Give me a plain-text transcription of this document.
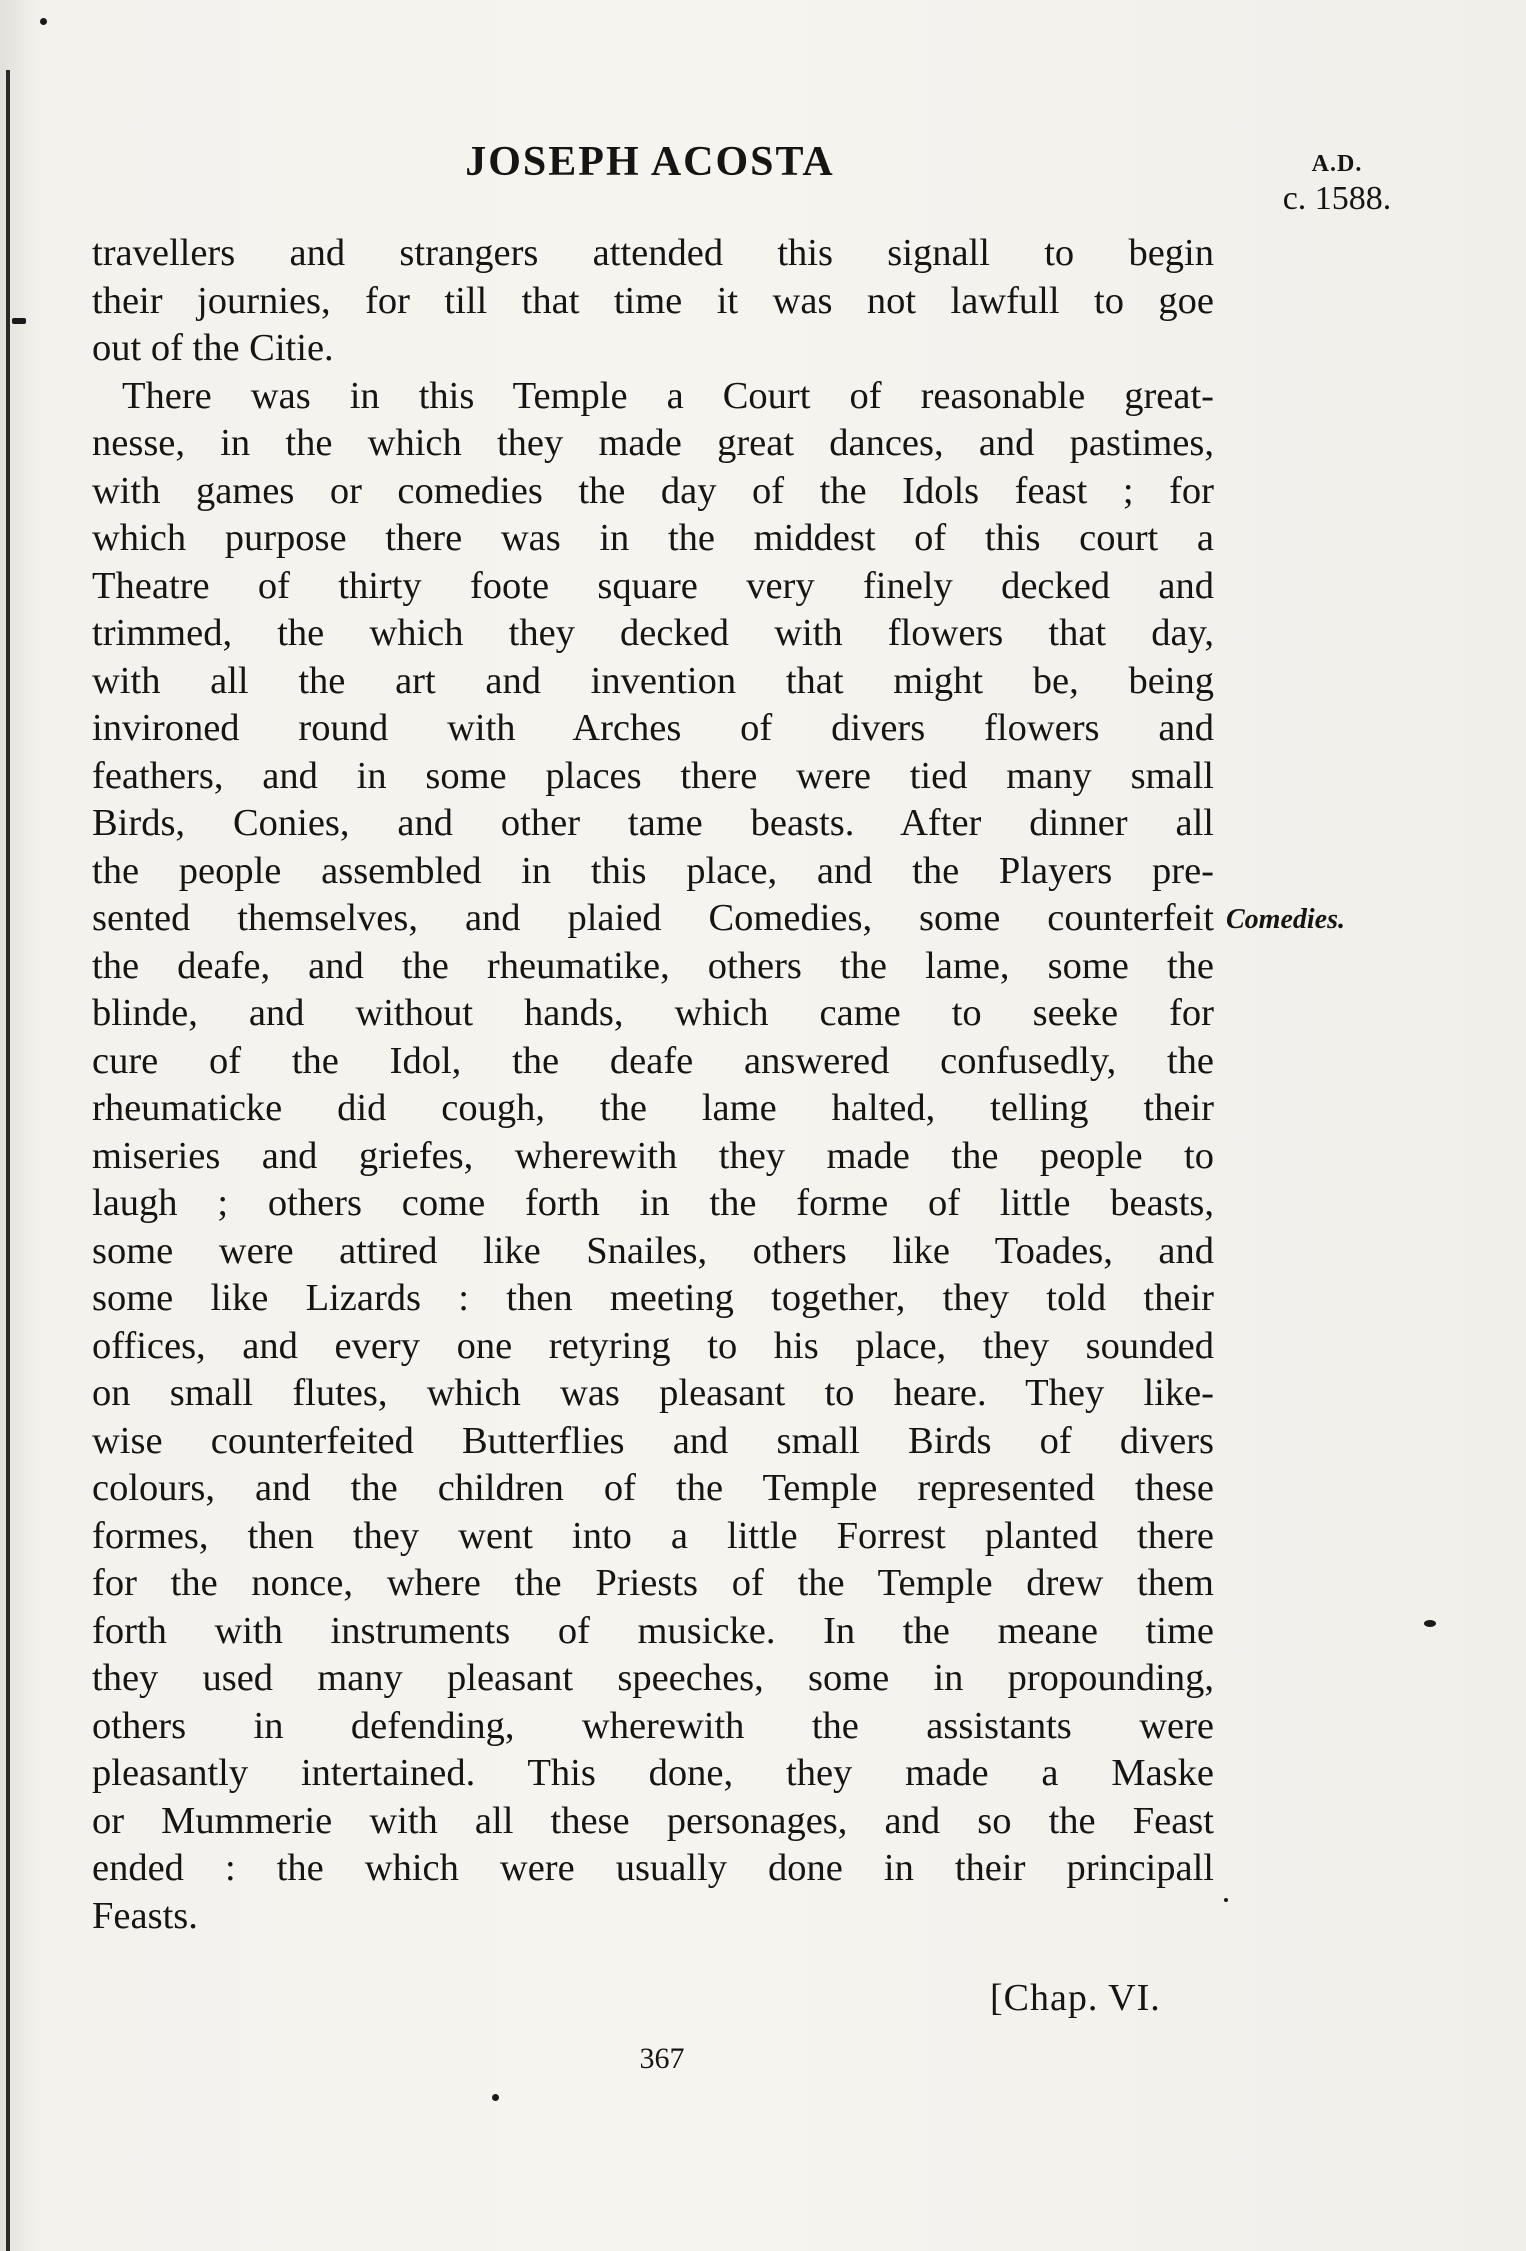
JOSEPH ACOSTA	A.D.
c. 1588.

travellers and strangers attended this signall to begin
their journies, for till that time it was not lawfull to goe
out of the Citie.

There was in this Temple a Court of reasonable great-
nesse, in the which they made great dances, and pastimes,
with games or comedies the day of the Idols feast ; for
which purpose there was in the middest of this court a
Theatre of thirty foote square very finely decked and
trimmed, the which they decked with flowers that day,
with all the art and invention that might be, being
invironed round with Arches of divers flowers and
feathers, and in some places there were tied many small
Birds, Conies, and other tame beasts. After dinner all
the people assembled in this place, and the Players pre-
sented themselves, and plaied Comedies, some counterfeit
the deafe, and the rheumatike, others the lame, some the
blinde, and without hands, which came to seeke for
cure of the Idol, the deafe answered confusedly, the
rheumaticke did cough, the lame halted, telling their
miseries and griefes, wherewith they made the people to
laugh ; others come forth in the forme of little beasts,
some were attired like Snailes, others like Toades, and
some like Lizards : then meeting together, they told their
offices, and every one retyring to his place, they sounded
on small flutes, which was pleasant to heare. They like-
wise counterfeited Butterflies and small Birds of divers
colours, and the children of the Temple represented these
formes, then they went into a little Forrest planted there
for the nonce, where the Priests of the Temple drew them
forth with instruments of musicke. In the meane time
they used many pleasant speeches, some in propounding,
others in defending, wherewith the assistants were
pleasantly intertained. This done, they made a Maske
or Mummerie with all these personages, and so the Feast
ended : the which were usually done in their principall
Feasts.

Comedies.
[Chap. VI.
367
